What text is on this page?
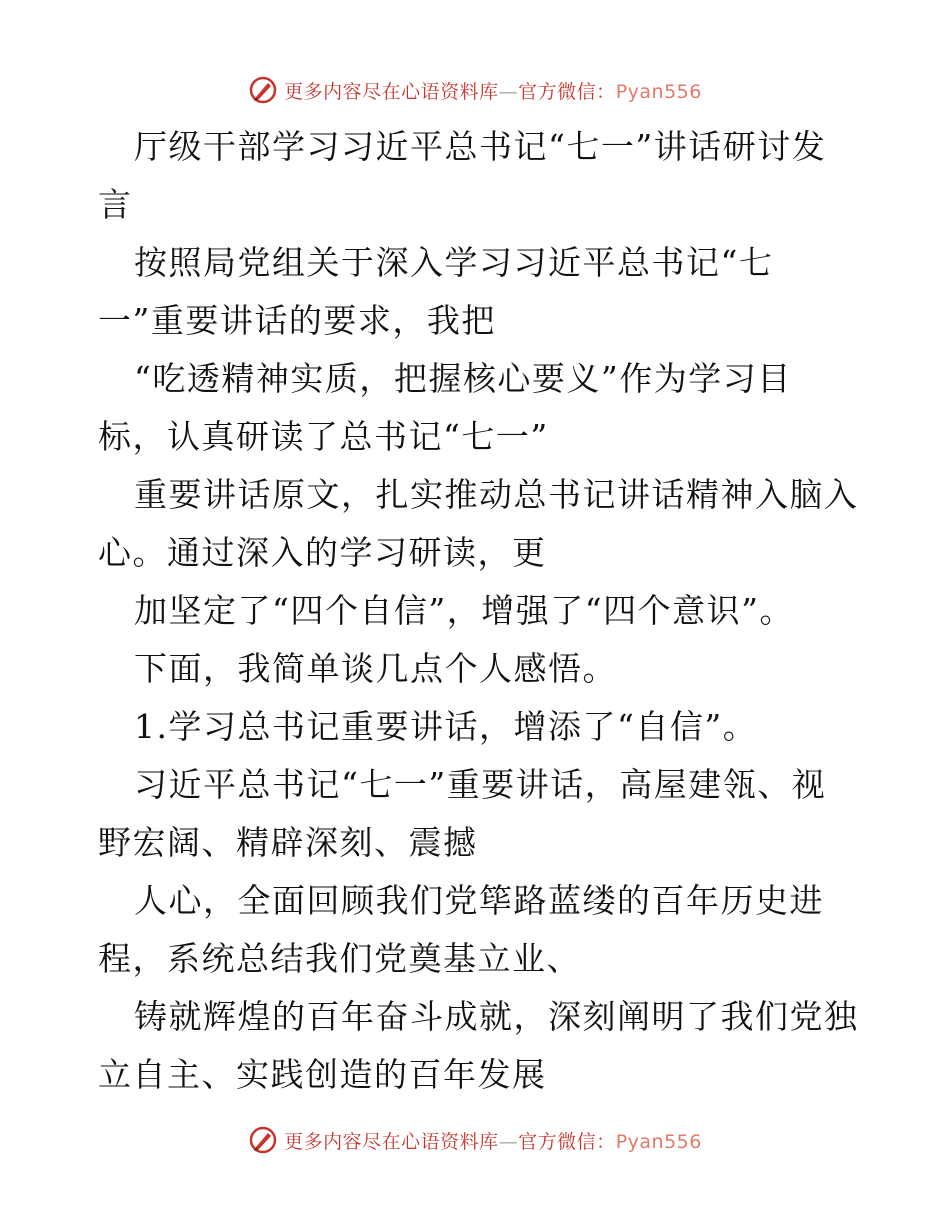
更多内容尽在心语资料库—官方微信：Pyan556
厅级干部学习习近平总书记“七一”讲话研讨发
言
按照局党组关于深入学习习近平总书记“七
一”重要讲话的要求，我把
“吃透精神实质，把握核心要义”作为学习目
标，认真研读了总书记“七一”
重要讲话原文，扎实推动总书记讲话精神入脑入
心。通过深入的学习研读，更
加坚定了“四个自信”，增强了“四个意识”。
下面，我简单谈几点个人感悟。
1.学习总书记重要讲话，增添了“自信”。
习近平总书记“七一”重要讲话，高屋建瓴、视
野宏阔、精辟深刻、震撼
人心，全面回顾我们党筚路蓝缕的百年历史进
程，系统总结我们党奠基立业、
铸就辉煌的百年奋斗成就，深刻阐明了我们党独
立自主、实践创造的百年发展
更多内容尽在心语资料库—官方微信：Pyan556
